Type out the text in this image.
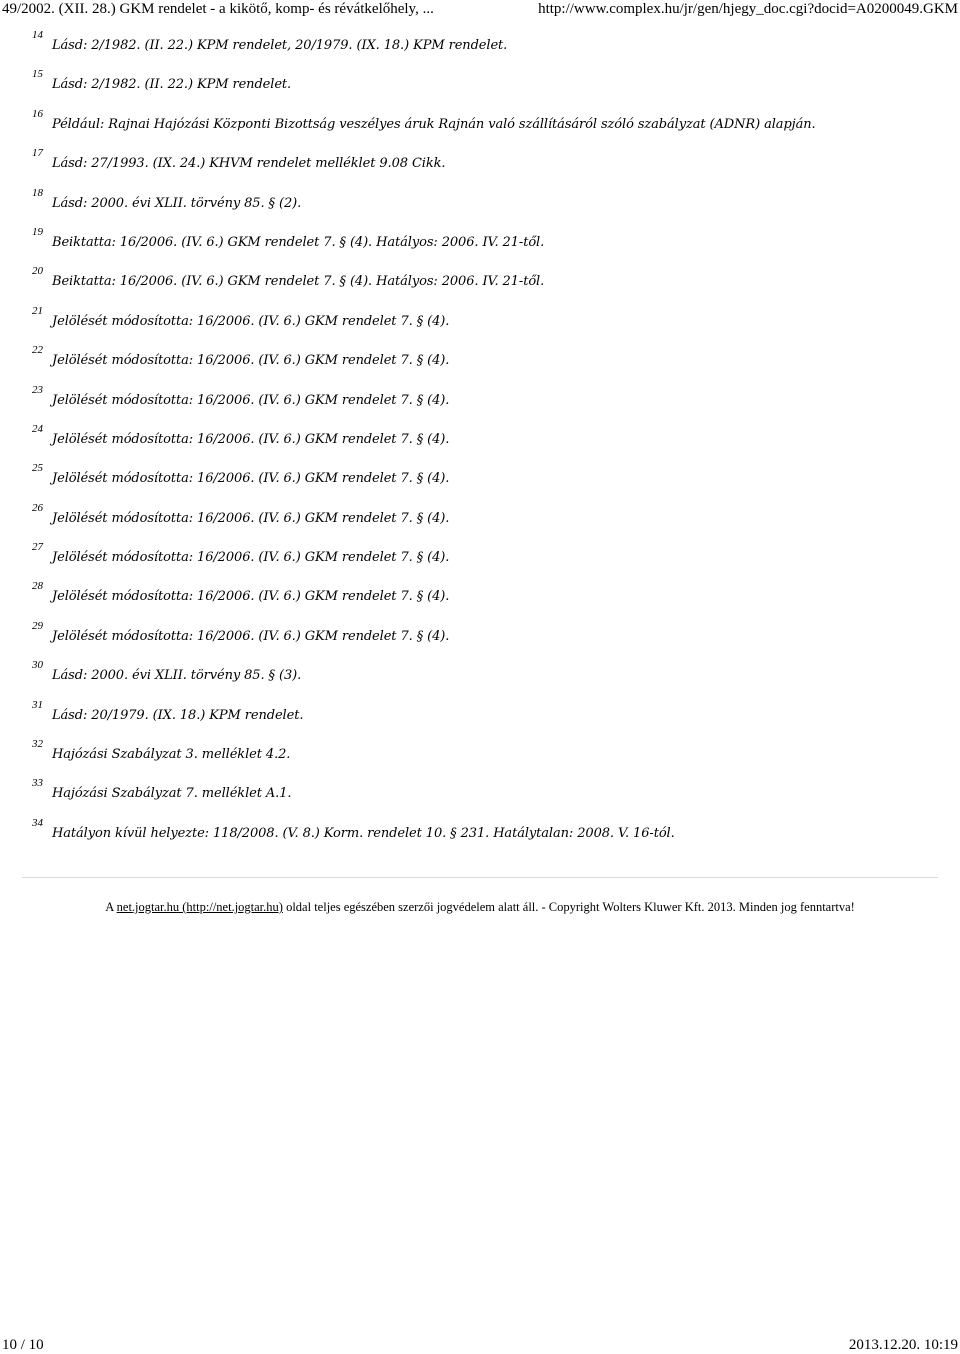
49/2002. (XII. 28.) GKM rendelet - a kikötő, komp- és révátkelőhely, ...	http://www.complex.hu/jr/gen/hjegy_doc.cgi?docid=A0200049.GKM
14
Lásd: 2/1982. (II. 22.) KPM rendelet, 20/1979. (IX. 18.) KPM rendelet.
15
Lásd: 2/1982. (II. 22.) KPM rendelet.
16
Például: Rajnai Hajózási Központi Bizottság veszélyes áruk Rajnán való szállításáról szóló szabályzat (ADNR) alapján.
17
Lásd: 27/1993. (IX. 24.) KHVM rendelet melléklet 9.08 Cikk.
18
Lásd: 2000. évi XLII. törvény 85. § (2).
19
Beiktatta: 16/2006. (IV. 6.) GKM rendelet 7. § (4). Hatályos: 2006. IV. 21-től.
20
Beiktatta: 16/2006. (IV. 6.) GKM rendelet 7. § (4). Hatályos: 2006. IV. 21-től.
21
Jelölését módosította: 16/2006. (IV. 6.) GKM rendelet 7. § (4).
22
Jelölését módosította: 16/2006. (IV. 6.) GKM rendelet 7. § (4).
23
Jelölését módosította: 16/2006. (IV. 6.) GKM rendelet 7. § (4).
24
Jelölését módosította: 16/2006. (IV. 6.) GKM rendelet 7. § (4).
25
Jelölését módosította: 16/2006. (IV. 6.) GKM rendelet 7. § (4).
26
Jelölését módosította: 16/2006. (IV. 6.) GKM rendelet 7. § (4).
27
Jelölését módosította: 16/2006. (IV. 6.) GKM rendelet 7. § (4).
28
Jelölését módosította: 16/2006. (IV. 6.) GKM rendelet 7. § (4).
29
Jelölését módosította: 16/2006. (IV. 6.) GKM rendelet 7. § (4).
30
Lásd: 2000. évi XLII. törvény 85. § (3).
31
Lásd: 20/1979. (IX. 18.) KPM rendelet.
32
Hajózási Szabályzat 3. melléklet 4.2.
33
Hajózási Szabályzat 7. melléklet A.1.
34
Hatályon kívül helyezte: 118/2008. (V. 8.) Korm. rendelet 10. § 231. Hatálytalan: 2008. V. 16-tól.
A net.jogtar.hu (http://net.jogtar.hu) oldal teljes egészében szerzői jogvédelem alatt áll. - Copyright Wolters Kluwer Kft. 2013. Minden jog fenntartva!
10 / 10	2013.12.20. 10:19
